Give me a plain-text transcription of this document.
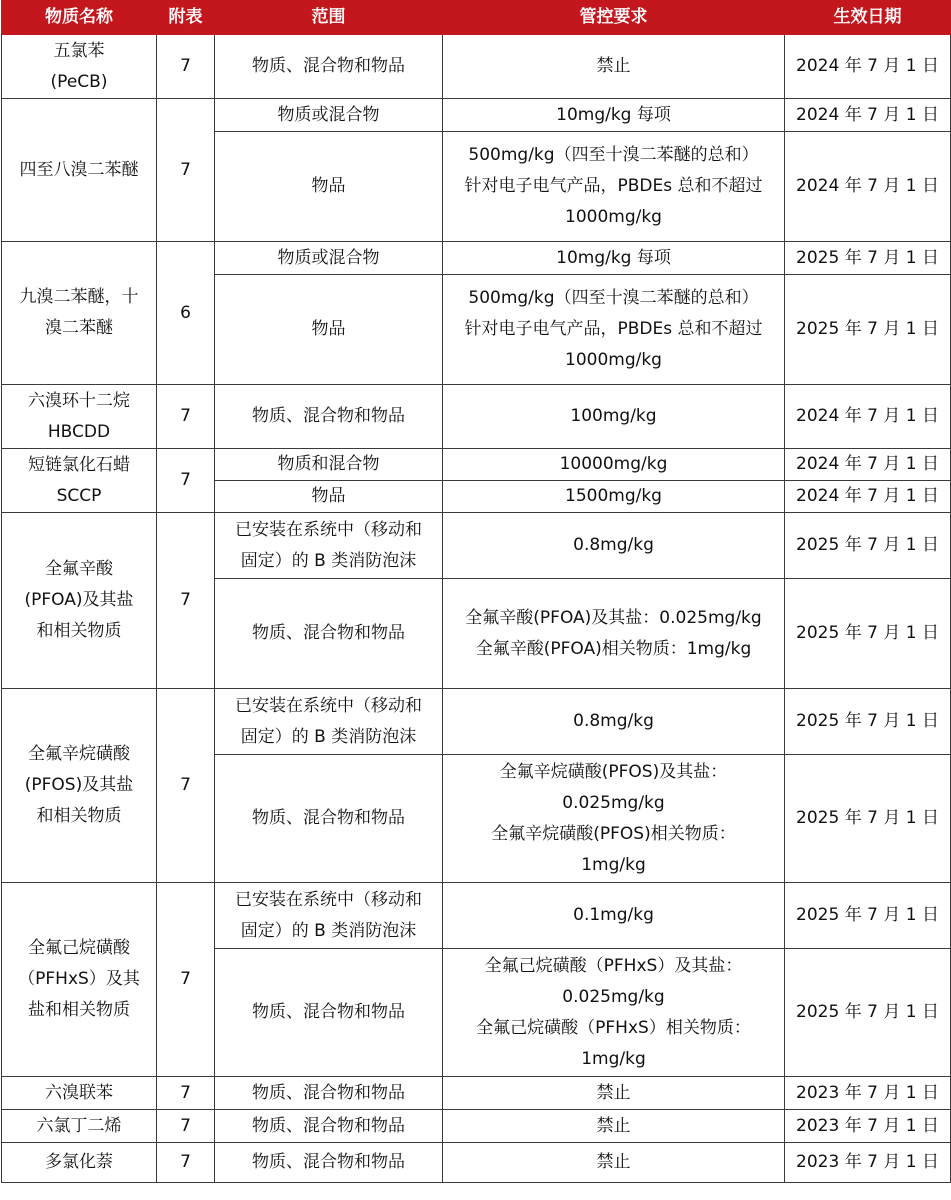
物质名称	附表	范围	管控要求	生效日期

五氯苯
(PeCB)	7	物质、混合物和物品	禁止	2024 年 7 月 1 日
四至八溴二苯醚	7	物质或混合物	10mg/kg 每项	2024 年 7 月 1 日
		物品	500mg/kg（四至十溴二苯醚的总和）
针对电子电气产品，PBDEs 总和不超过
1000mg/kg	2024 年 7 月 1 日

九溴二苯醚，十
溴二苯醚	6	物质或混合物	10mg/kg 每项	2025 年 7 月 1 日
		物品	500mg/kg（四至十溴二苯醚的总和）
针对电子电气产品，PBDEs 总和不超过
1000mg/kg	2025 年 7 月 1 日

六溴环十二烷
HBCDD	7	物质、混合物和物品	100mg/kg	2024 年 7 月 1 日

短链氯化石蜡
SCCP	7	物质和混合物	10000mg/kg	2024 年 7 月 1 日
		物品	1500mg/kg	2024 年 7 月 1 日

全氟辛酸
(PFOA)及其盐
和相关物质	7	已安装在系统中（移动和
固定）的 B 类消防泡沫	0.8mg/kg	2025 年 7 月 1 日
		物质、混合物和物品	全氟辛酸(PFOA)及其盐：0.025mg/kg
全氟辛酸(PFOA)相关物质：1mg/kg	2025 年 7 月 1 日

全氟辛烷磺酸
(PFOS)及其盐
和相关物质	7	已安装在系统中（移动和
固定）的 B 类消防泡沫	0.8mg/kg	2025 年 7 月 1 日
		物质、混合物和物品	全氟辛烷磺酸(PFOS)及其盐：
0.025mg/kg
全氟辛烷磺酸(PFOS)相关物质：
1mg/kg	2025 年 7 月 1 日

全氟己烷磺酸
（PFHxS）及其
盐和相关物质	7	已安装在系统中（移动和
固定）的 B 类消防泡沫	0.1mg/kg	2025 年 7 月 1 日
		物质、混合物和物品	全氟己烷磺酸（PFHxS）及其盐：
0.025mg/kg
全氟己烷磺酸（PFHxS）相关物质：
1mg/kg	2025 年 7 月 1 日
六溴联苯	7	物质、混合物和物品	禁止	2023 年 7 月 1 日
六氯丁二烯	7	物质、混合物和物品	禁止	2023 年 7 月 1 日
多氯化萘	7	物质、混合物和物品	禁止	2023 年 7 月 1 日
